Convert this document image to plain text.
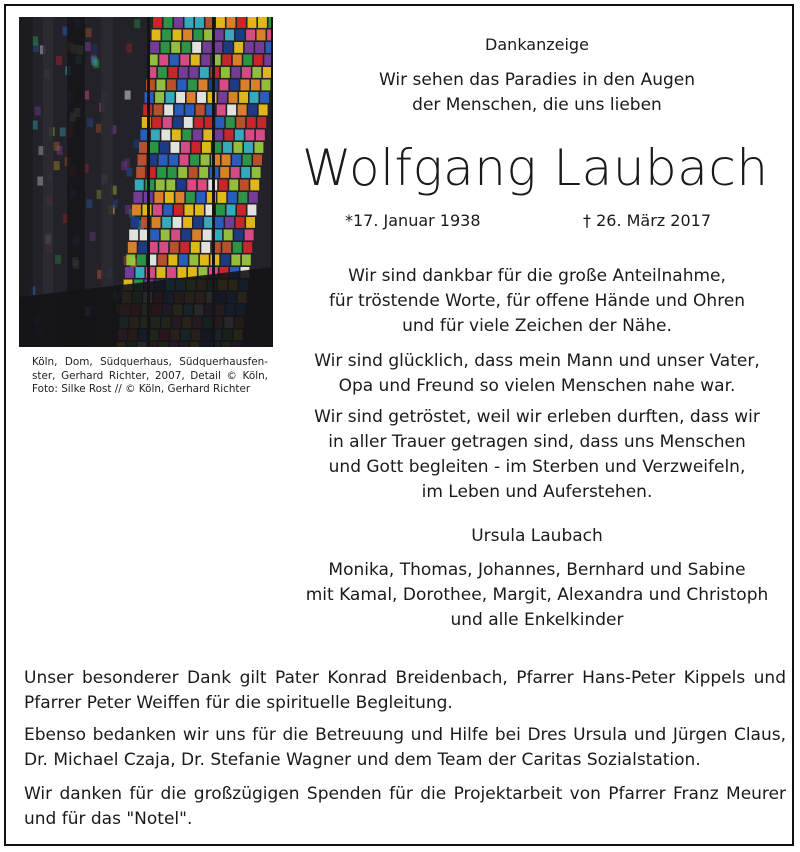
Köln, Dom, Südquerhaus, Südquerhausfen-
ster, Gerhard Richter, 2007, Detail © Köln,
Foto: Silke Rost // © Köln, Gerhard Richter
Dankanzeige
Wir sehen das Paradies in den Augen
der Menschen, die uns lieben
Wolfgang Laubach
*17. Januar 1938	† 26. März 2017
Wir sind dankbar für die große Anteilnahme,
für tröstende Worte, für offene Hände und Ohren
und für viele Zeichen der Nähe.
Wir sind glücklich, dass mein Mann und unser Vater,
Opa und Freund so vielen Menschen nahe war.
Wir sind getröstet, weil wir erleben durften, dass wir
in aller Trauer getragen sind, dass uns Menschen
und Gott begleiten - im Sterben und Verzweifeln,
im Leben und Auferstehen.
Ursula Laubach
Monika, Thomas, Johannes, Bernhard und Sabine
mit Kamal, Dorothee, Margit, Alexandra und Christoph
und alle Enkelkinder
Unser besonderer Dank gilt Pater Konrad Breidenbach, Pfarrer Hans-Peter Kippels und
Pfarrer Peter Weiffen für die spirituelle Begleitung.
Ebenso bedanken wir uns für die Betreuung und Hilfe bei Dres Ursula und Jürgen Claus,
Dr. Michael Czaja, Dr. Stefanie Wagner und dem Team der Caritas Sozialstation.
Wir danken für die großzügigen Spenden für die Projektarbeit von Pfarrer Franz Meurer
und für das "Notel".
